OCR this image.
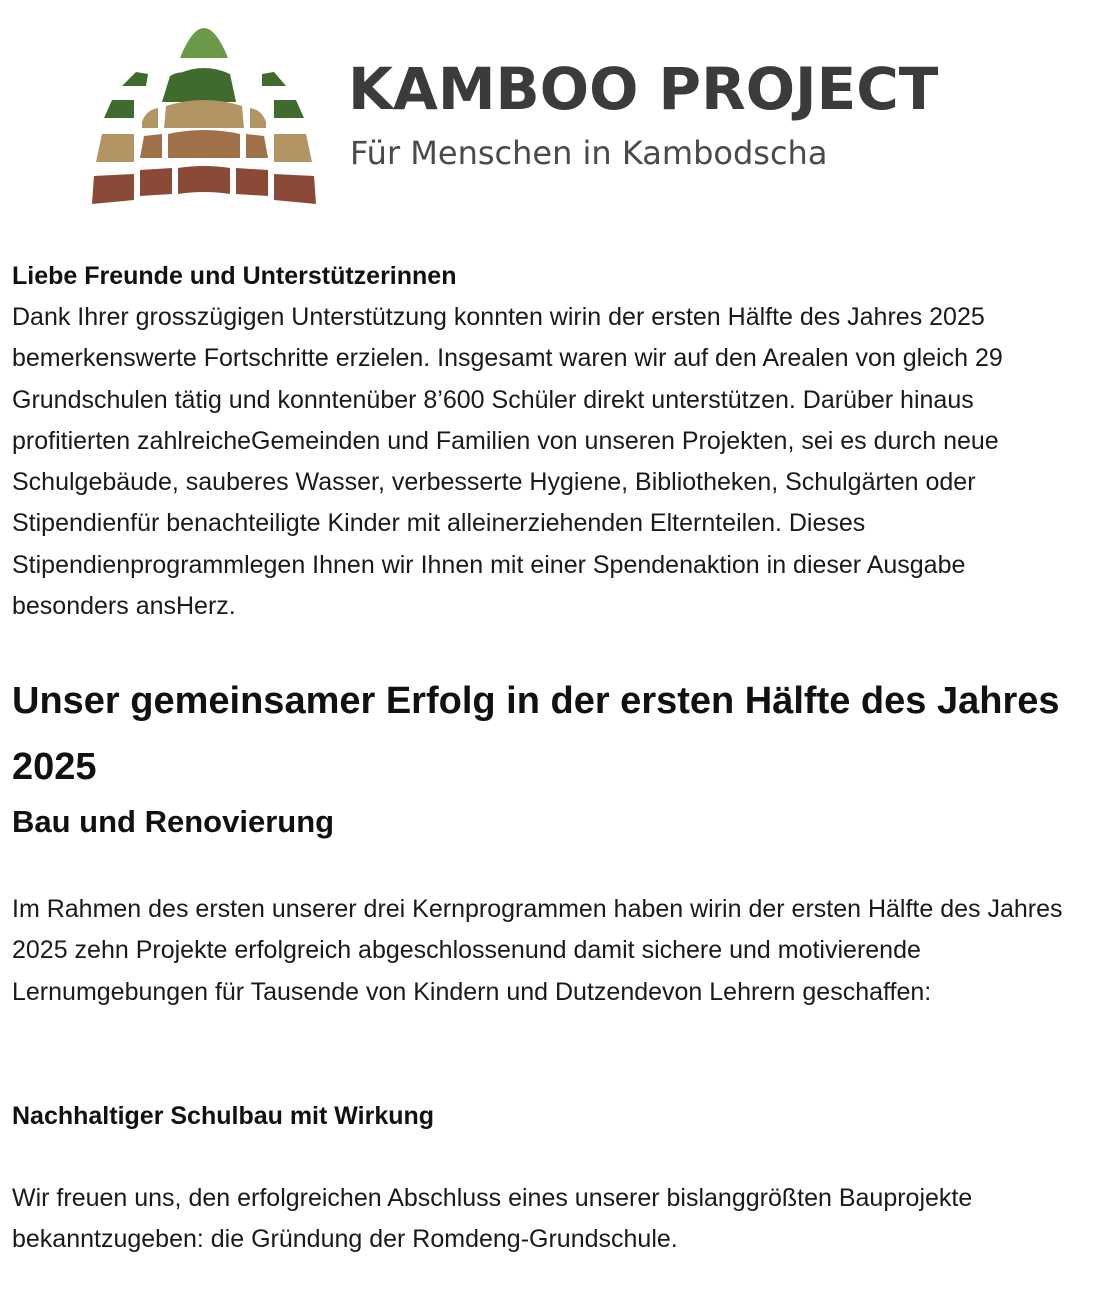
KAMBOO PROJECT
Für Menschen in Kambodscha

Liebe Freunde und Unterstützerinnen

Dank Ihrer grosszügigen Unterstützung konnten wirin der ersten Hälfte des Jahres 2025 bemerkenswerte Fortschritte erzielen. Insgesamt waren wir auf den Arealen von gleich 29 Grundschulen tätig und konntenüber 8’600 Schüler direkt unterstützen. Darüber hinaus profitierten zahlreicheGemeinden und Familien von unseren Projekten, sei es durch neue Schulgebäude, sauberes Wasser, verbesserte Hygiene, Bibliotheken, Schulgärten oder Stipendienfür benachteiligte Kinder mit alleinerziehenden Elternteilen. Dieses Stipendienprogrammlegen Ihnen wir Ihnen mit einer Spendenaktion in dieser Ausgabe besonders ansHerz.

Unser gemeinsamer Erfolg in der ersten Hälfte des Jahres 2025
Bau und Renovierung

Im Rahmen des ersten unserer drei Kernprogrammen haben wirin der ersten Hälfte des Jahres 2025 zehn Projekte erfolgreich abgeschlossenund damit sichere und motivierende Lernumgebungen für Tausende von Kindern und Dutzendevon Lehrern geschaffen:

Nachhaltiger Schulbau mit Wirkung

Wir freuen uns, den erfolgreichen Abschluss eines unserer bislanggrößten Bauprojekte bekanntzugeben: die Gründung der Romdeng-Grundschule.
